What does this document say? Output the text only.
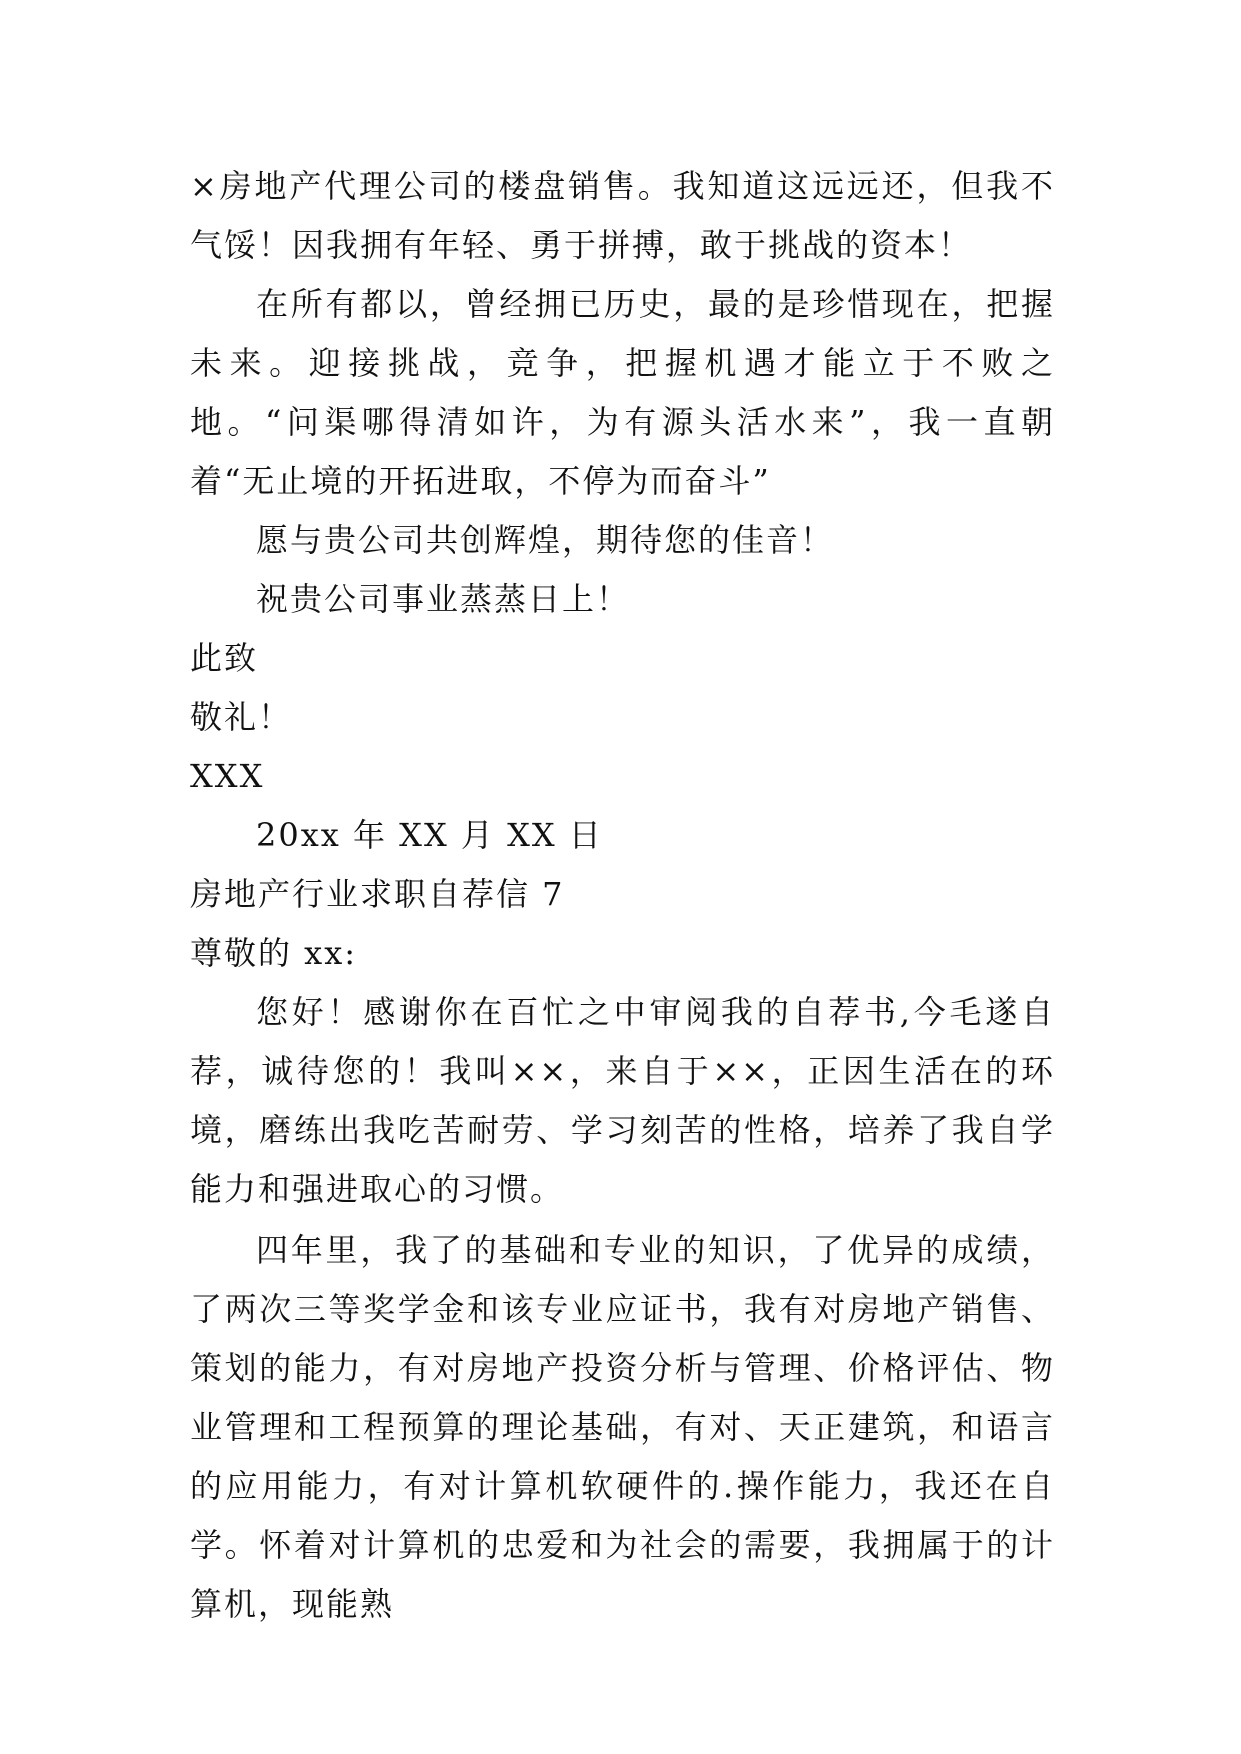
×房地产代理公司的楼盘销售。我知道这远远还，但我不气馁！因我拥有年轻、勇于拼搏，敢于挑战的资本！

在所有都以，曾经拥已历史，最的是珍惜现在，把握未来。迎接挑战，竞争，把握机遇才能立于不败之地。“问渠哪得清如许，为有源头活水来”，我一直朝着“无止境的开拓进取，不停为而奋斗”

愿与贵公司共创辉煌，期待您的佳音！

祝贵公司事业蒸蒸日上！

此致

敬礼！

XXX

20xx 年 XX 月 XX 日

房地产行业求职自荐信 7

尊敬的 xx:

您好！感谢你在百忙之中审阅我的自荐书,今毛遂自荐，诚待您的！我叫××，来自于××，正因生活在的环境，磨练出我吃苦耐劳、学习刻苦的性格，培养了我自学能力和强进取心的习惯。

四年里，我了的基础和专业的知识，了优异的成绩，了两次三等奖学金和该专业应证书，我有对房地产销售、策划的能力，有对房地产投资分析与管理、价格评估、物业管理和工程预算的理论基础，有对、天正建筑，和语言的应用能力，有对计算机软硬件的.操作能力，我还在自学。怀着对计算机的忠爱和为社会的需要，我拥属于的计算机，现能熟
